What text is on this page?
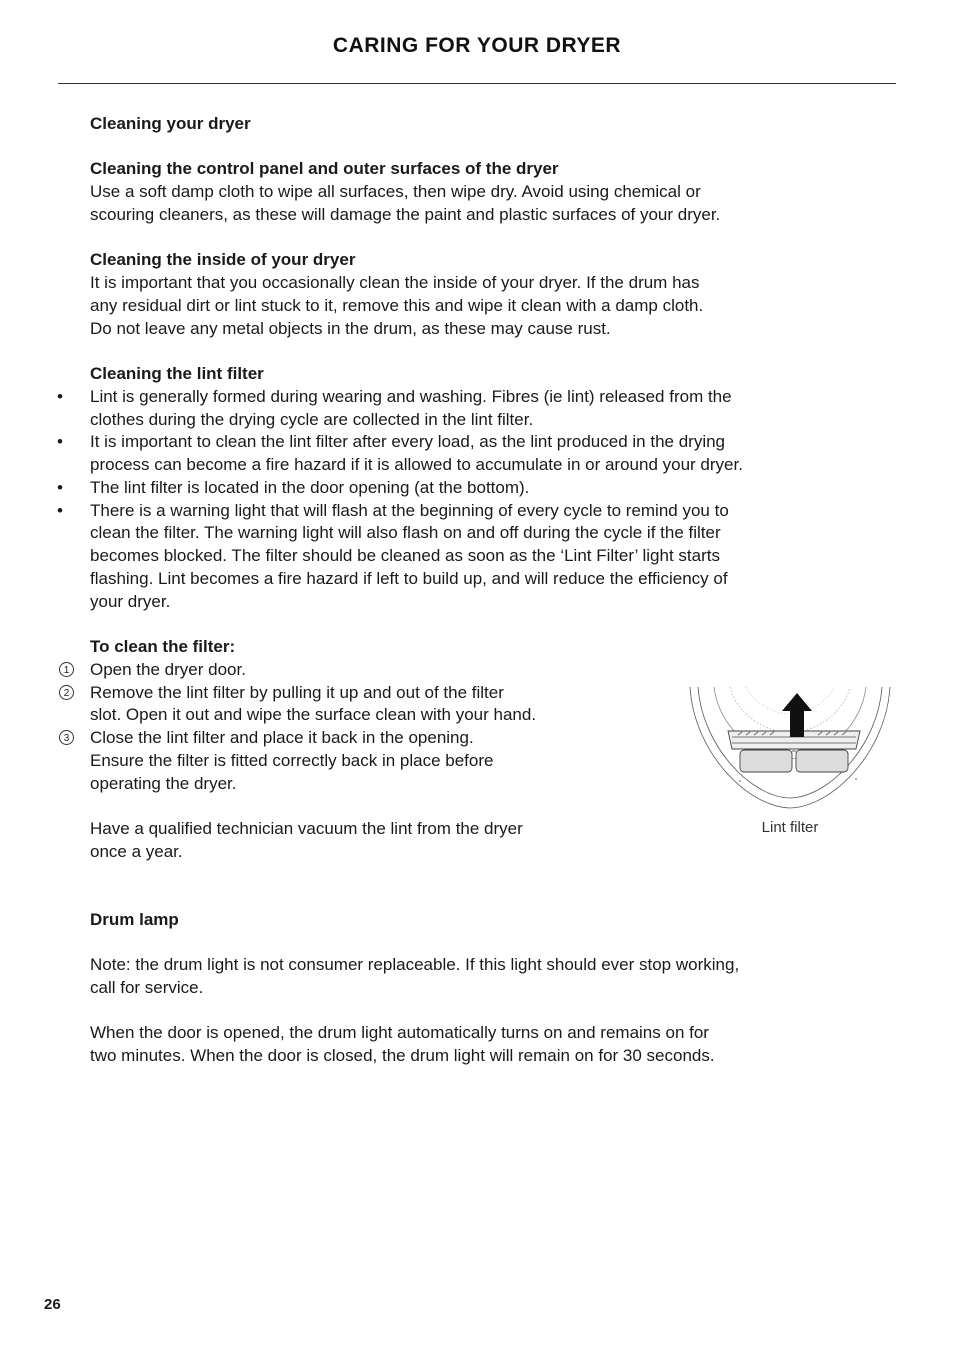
CARING FOR YOUR DRYER
Cleaning your dryer
Cleaning the control panel and outer surfaces of the dryer
Use a soft damp cloth to wipe all surfaces, then wipe dry. Avoid using chemical or
scouring cleaners, as these will damage the paint and plastic surfaces of your dryer.
Cleaning the inside of your dryer
It is important that you occasionally clean the inside of your dryer. If the drum has
any residual dirt or lint stuck to it, remove this and wipe it clean with a damp cloth.
Do not leave any metal objects in the drum, as these may cause rust.
Cleaning the lint filter
• Lint is generally formed during wearing and washing. Fibres (ie lint) released from the
clothes during the drying cycle are collected in the lint filter.
• It is important to clean the lint filter after every load, as the lint produced in the drying
process can become a fire hazard if it is allowed to accumulate in or around your dryer.
• The lint filter is located in the door opening (at the bottom).
• There is a warning light that will flash at the beginning of every cycle to remind you to
clean the filter. The warning light will also flash on and off during the cycle if the filter
becomes blocked. The filter should be cleaned as soon as the ‘Lint Filter’ light starts
flashing. Lint becomes a fire hazard if left to build up, and will reduce the efficiency of
your dryer.
To clean the filter:
1 Open the dryer door.
2 Remove the lint filter by pulling it up and out of the filter
slot. Open it out and wipe the surface clean with your hand.
3 Close the lint filter and place it back in the opening.
Ensure the filter is fitted correctly back in place before
operating the dryer.
Have a qualified technician vacuum the lint from the dryer
once a year.
Lint filter
Drum lamp
Note: the drum light is not consumer replaceable. If this light should ever stop working,
call for service.
When the door is opened, the drum light automatically turns on and remains on for
two minutes. When the door is closed, the drum light will remain on for 30 seconds.
26
